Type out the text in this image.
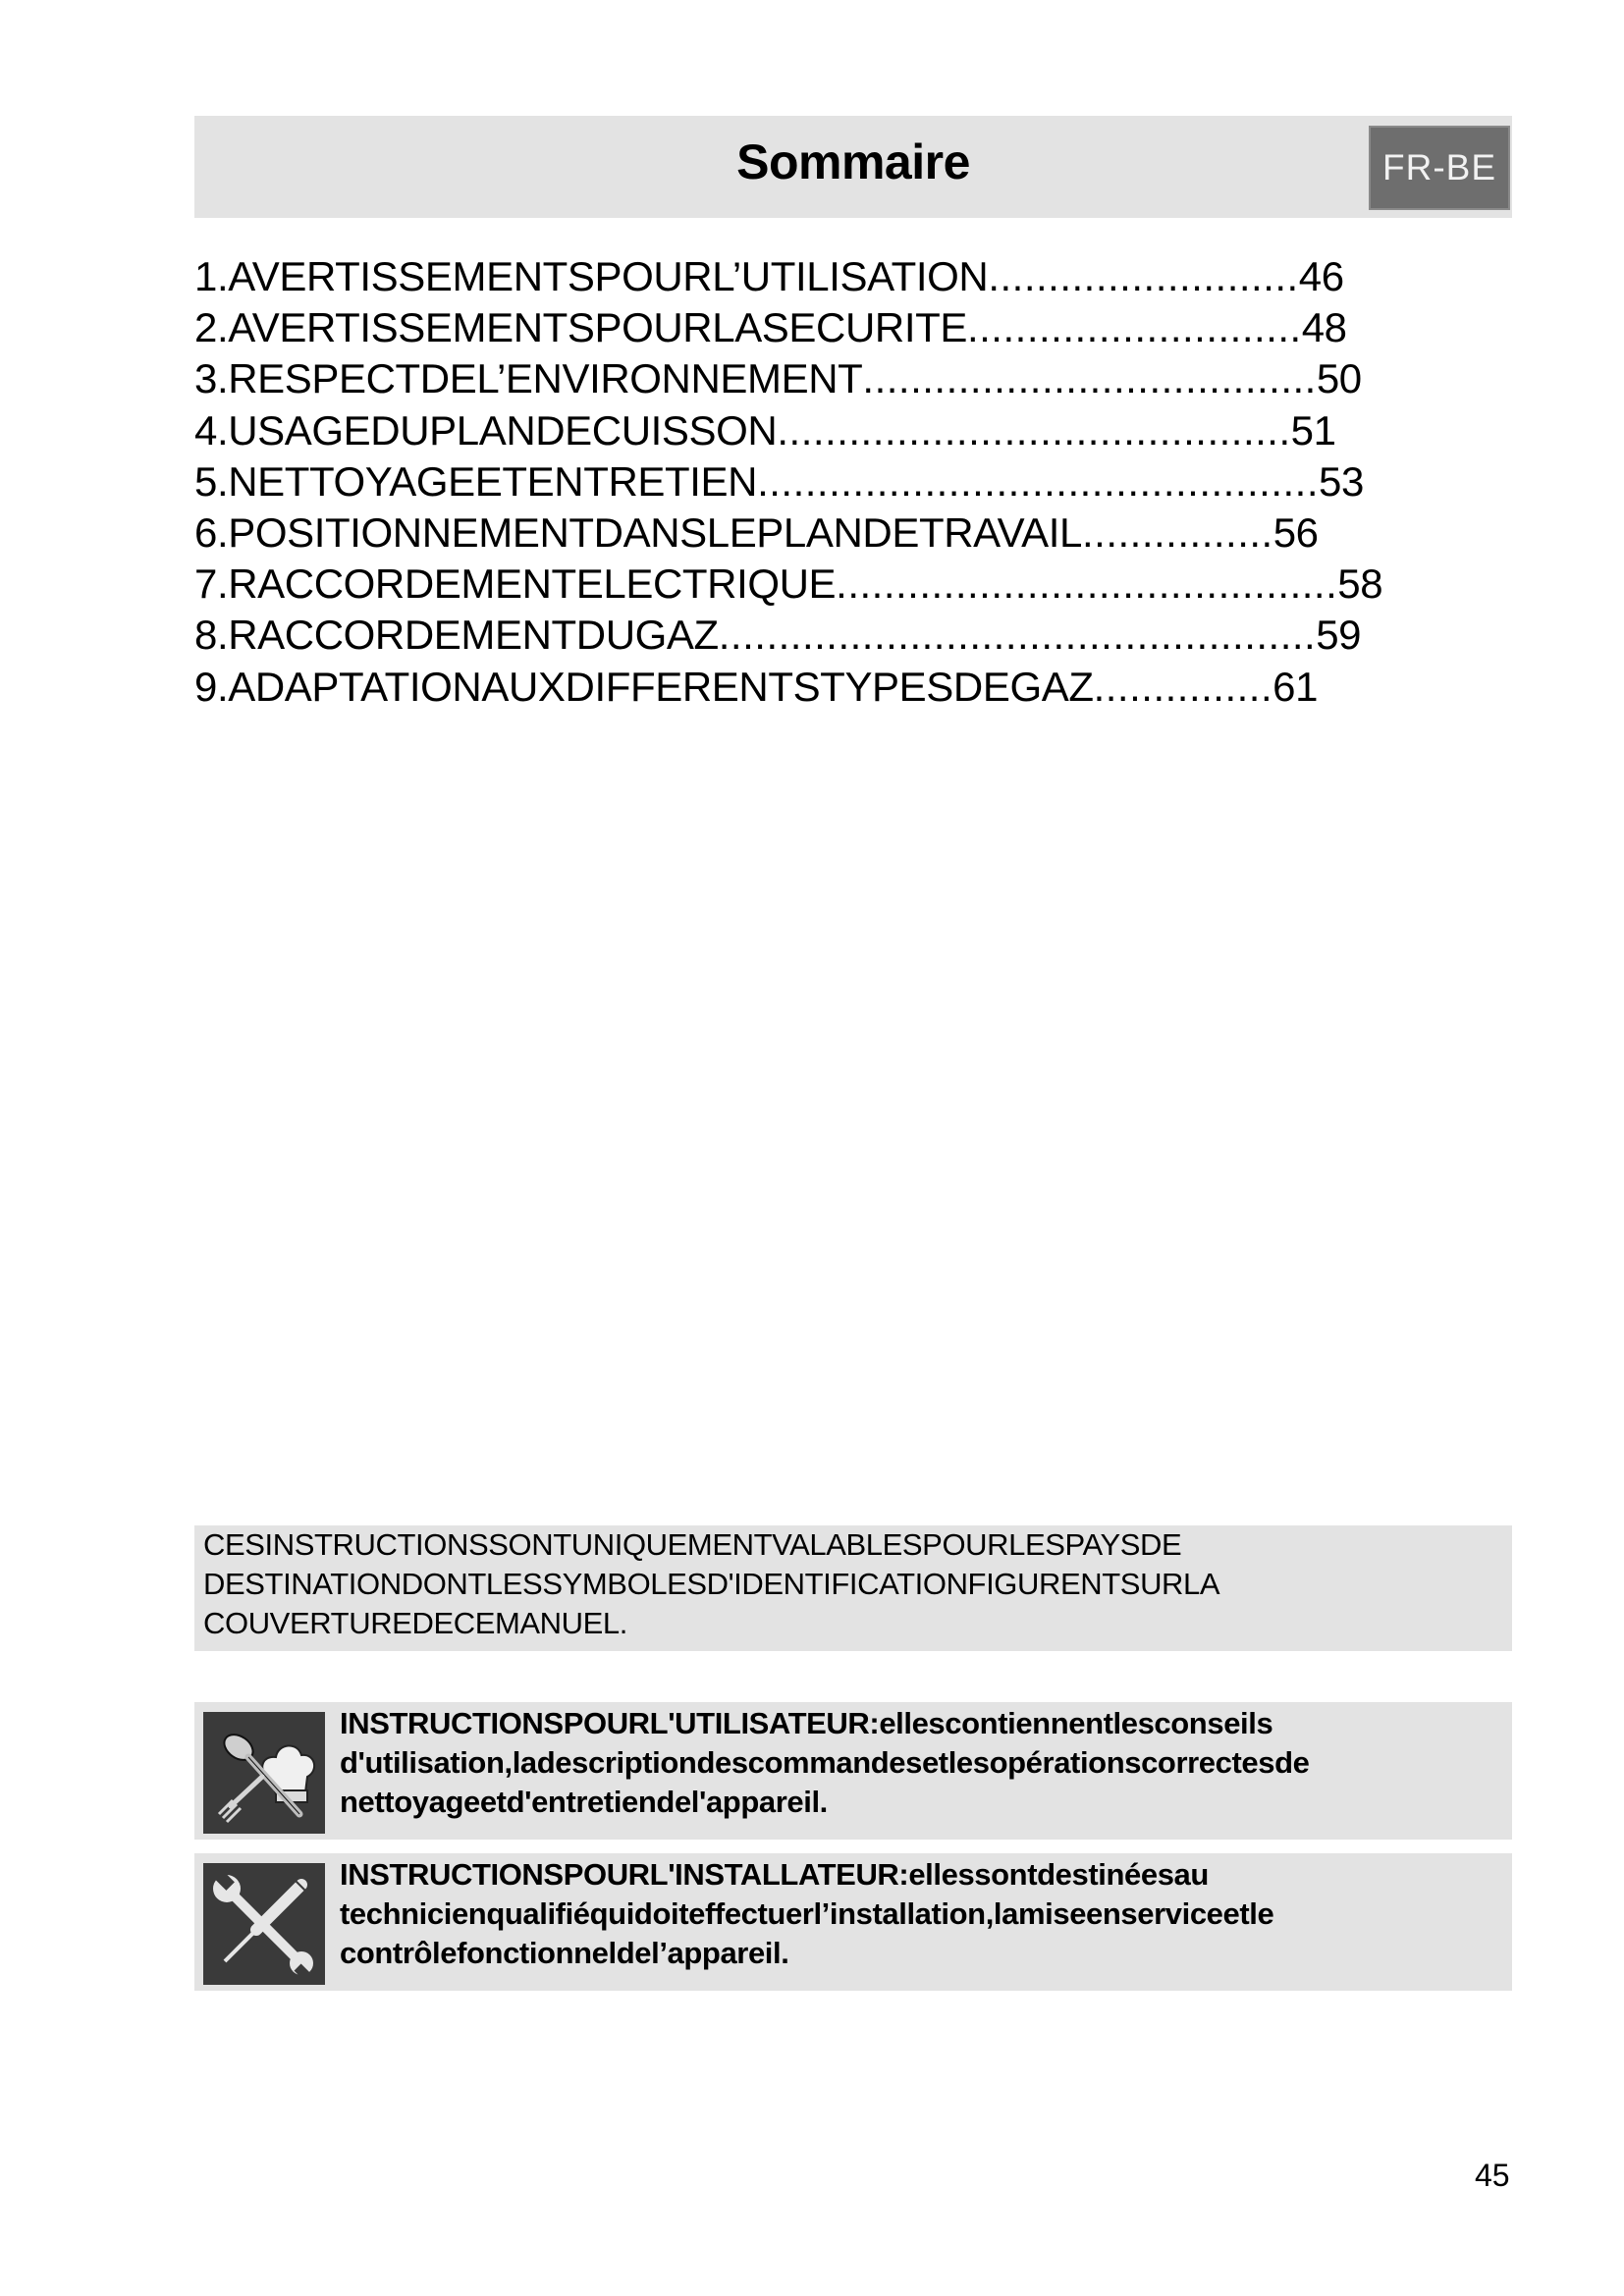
Sommaire	FR-BE
1.AVERTISSEMENTSPOURL’UTILISATION..........................46
2.AVERTISSEMENTSPOURLASECURITE............................48
3.RESPECTDEL’ENVIRONNEMENT......................................50
4.USAGEDUPLANDECUISSON...........................................51
5.NETTOYAGEETENTRETIEN...............................................53
6.POSITIONNEMENTDANSLEPLANDETRAVAIL................56
7.RACCORDEMENTELECTRIQUE..........................................58
8.RACCORDEMENTDUGAZ..................................................59
9.ADAPTATIONAUXDIFFERENTSTYPESDEGAZ...............61
CESINSTRUCTIONSSONTUNIQUEMENTVALABLESPOURLESPAYSDE
DESTINATIONDONTLESSYMBOLESD'IDENTIFICATIONFIGURENTSURLA
COUVERTUREDECEMANUEL.
INSTRUCTIONSPOURL'UTILISATEUR:ellescontiennentlesconseils
d'utilisation,ladescriptiondescommandesetlesopérationscorrectesde
nettoyageetd'entretiendel'appareil.
INSTRUCTIONSPOURL'INSTALLATEUR:ellessontdestinéesau
technicienqualifiéquidoiteffectuerl’installation,lamiseenserviceetle
contrôlefonctionneldel’appareil.
45
